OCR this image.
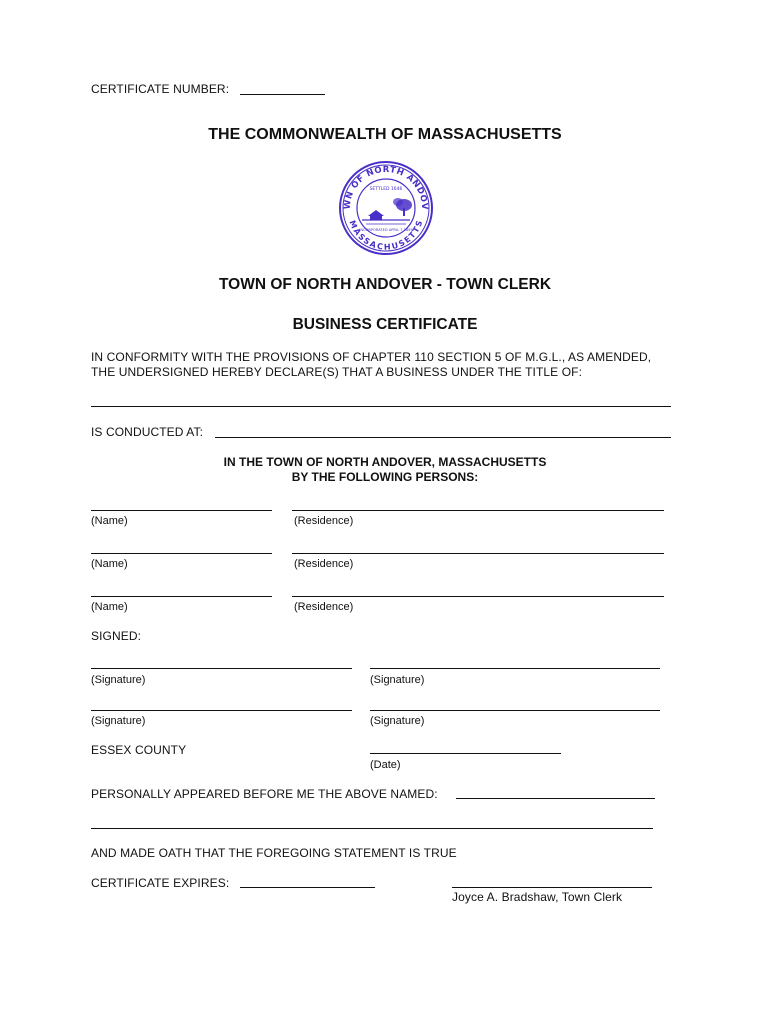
CERTIFICATE NUMBER:
THE COMMONWEALTH OF MASSACHUSETTS
WN OF NORTH ANDOV
MASSACHUSETTS
SETTLED 1646
INCORPORATED APRIL 7 1855
TOWN OF NORTH ANDOVER - TOWN CLERK
BUSINESS CERTIFICATE
IN CONFORMITY WITH THE PROVISIONS OF CHAPTER 110 SECTION 5 OF M.G.L., AS AMENDED,
THE UNDERSIGNED HEREBY DECLARE(S) THAT A BUSINESS UNDER THE TITLE OF:
IS CONDUCTED AT:
IN THE TOWN OF NORTH ANDOVER, MASSACHUSETTS
BY THE FOLLOWING PERSONS:
(Name)	(Residence)
(Name)	(Residence)
(Name)	(Residence)
SIGNED:
(Signature)	(Signature)
(Signature)	(Signature)
ESSEX COUNTY
(Date)
PERSONALLY APPEARED BEFORE ME THE ABOVE NAMED:
AND MADE OATH THAT THE FOREGOING STATEMENT IS TRUE
CERTIFICATE EXPIRES:
Joyce A. Bradshaw, Town Clerk
